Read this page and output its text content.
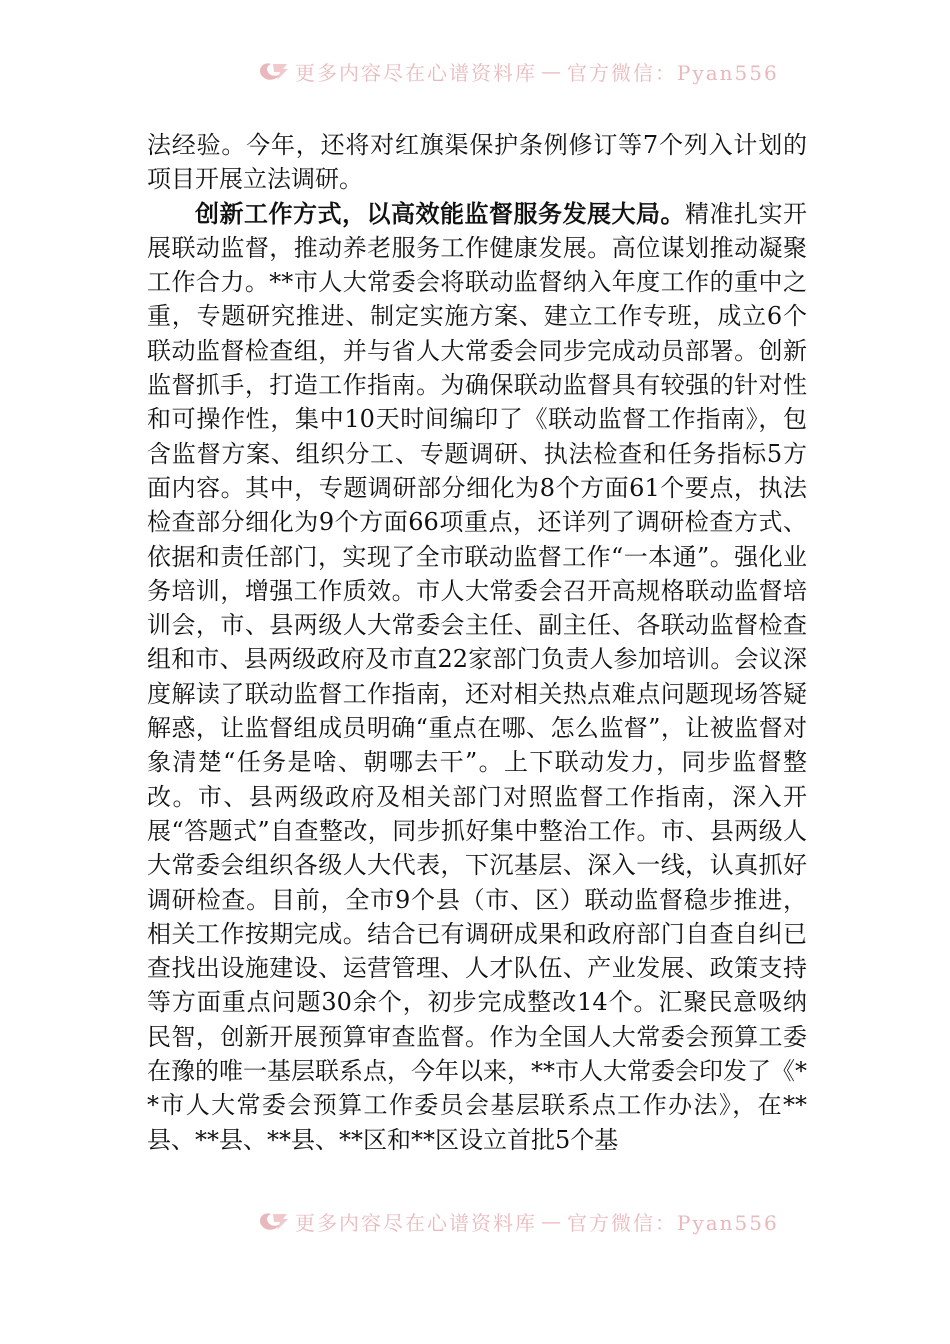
更多内容尽在心谱资料库 — 官方微信：Pyan556

法经验。今年，还将对红旗渠保护条例修订等7个列入计划的项目开展立法调研。

创新工作方式，以高效能监督服务发展大局。精准扎实开展联动监督，推动养老服务工作健康发展。高位谋划推动凝聚工作合力。**市人大常委会将联动监督纳入年度工作的重中之重，专题研究推进、制定实施方案、建立工作专班，成立6个联动监督检查组，并与省人大常委会同步完成动员部署。创新监督抓手，打造工作指南。为确保联动监督具有较强的针对性和可操作性，集中10天时间编印了《联动监督工作指南》，包含监督方案、组织分工、专题调研、执法检查和任务指标5方面内容。其中，专题调研部分细化为8个方面61个要点，执法检查部分细化为9个方面66项重点，还详列了调研检查方式、依据和责任部门，实现了全市联动监督工作“一本通”。强化业务培训，增强工作质效。市人大常委会召开高规格联动监督培训会，市、县两级人大常委会主任、副主任、各联动监督检查组和市、县两级政府及市直22家部门负责人参加培训。会议深度解读了联动监督工作指南，还对相关热点难点问题现场答疑解惑，让监督组成员明确“重点在哪、怎么监督”，让被监督对象清楚“任务是啥、朝哪去干”。上下联动发力，同步监督整改。市、县两级政府及相关部门对照监督工作指南，深入开展“答题式”自查整改，同步抓好集中整治工作。市、县两级人大常委会组织各级人大代表，下沉基层、深入一线，认真抓好调研检查。目前，全市9个县（市、区）联动监督稳步推进，相关工作按期完成。结合已有调研成果和政府部门自查自纠已查找出设施建设、运营管理、人才队伍、产业发展、政策支持等方面重点问题30余个，初步完成整改14个。汇聚民意吸纳民智，创新开展预算审查监督。作为全国人大常委会预算工委在豫的唯一基层联系点，今年以来，**市人大常委会印发了《**市人大常委会预算工作委员会基层联系点工作办法》，在**县、**县、**县、**区和**区设立首批5个基

更多内容尽在心谱资料库 — 官方微信：Pyan556
